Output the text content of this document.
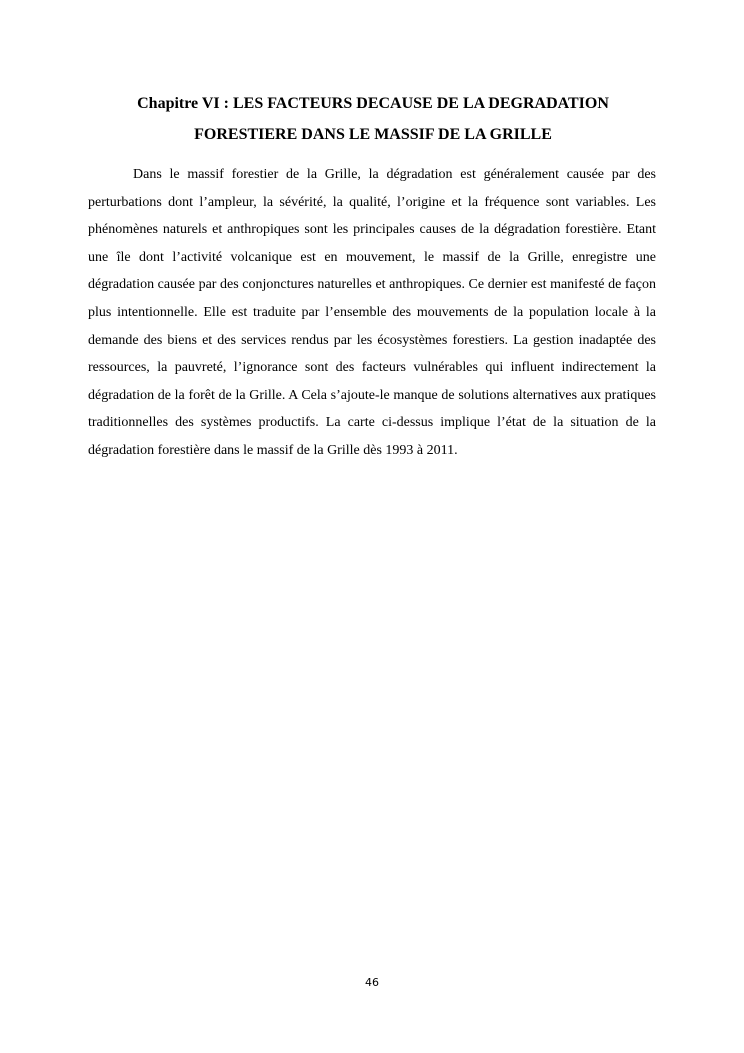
Chapitre VI : LES FACTEURS DECAUSE DE LA DEGRADATION
FORESTIERE DANS LE MASSIF DE LA GRILLE

Dans le massif forestier de la Grille, la dégradation est généralement causée par des perturbations dont l’ampleur, la sévérité, la qualité, l’origine et la fréquence sont variables. Les phénomènes naturels et anthropiques sont les principales causes de la dégradation forestière. Etant une île dont l’activité volcanique est en mouvement, le massif de la Grille, enregistre une dégradation causée par des conjonctures naturelles et anthropiques. Ce dernier est manifesté de façon plus intentionnelle. Elle est traduite par l’ensemble des mouvements de la population locale à la demande des biens et des services rendus par les écosystèmes forestiers. La gestion inadaptée des ressources, la pauvreté, l’ignorance sont des facteurs vulnérables qui influent indirectement la dégradation de la forêt de la Grille. A Cela s’ajoute-le manque de solutions alternatives aux pratiques traditionnelles des systèmes productifs. La carte ci-dessus implique l’état de la situation de la dégradation forestière dans le massif de la Grille dès 1993 à 2011.

46
